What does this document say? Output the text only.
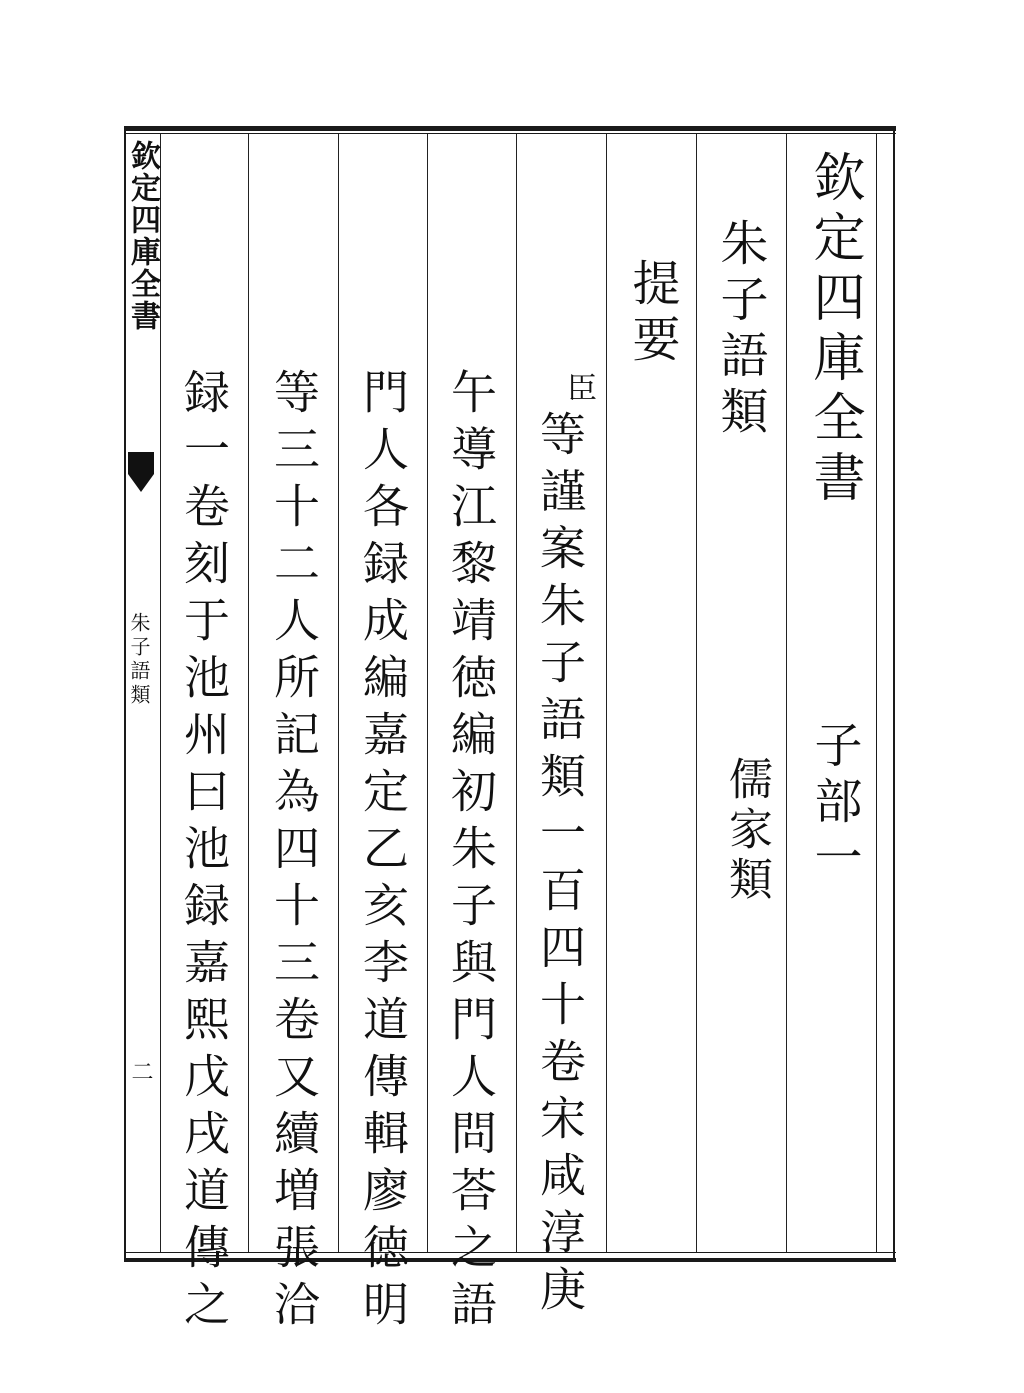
欽定四庫全書
朱子語類
二
欽定四庫全書
子部一
朱子語類
儒家類
提要
臣
等謹案朱子語類一百四十卷宋咸淳庚
午導江黎靖徳編初朱子與門人問荅之語
門人各録成編嘉定乙亥李道傳輯廖徳明
等三十二人所記為四十三卷又續増張洽
録一卷刻于池州曰池録嘉熙戊戌道傳之
